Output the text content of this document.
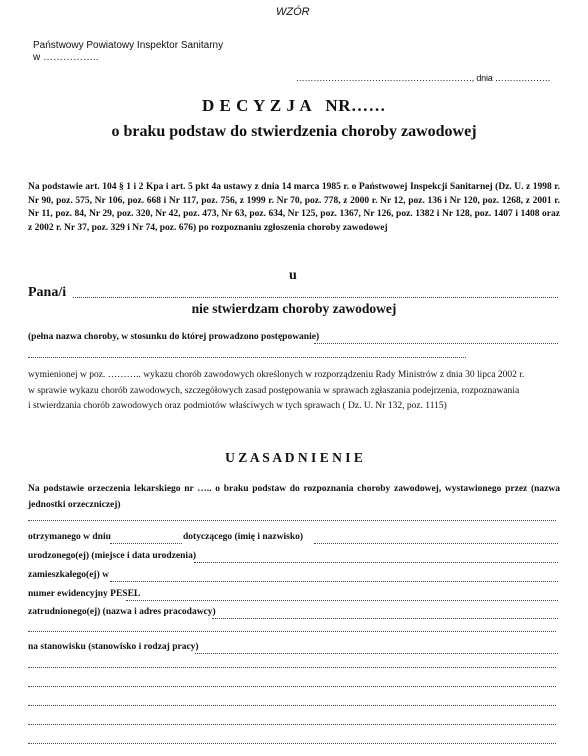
WZÓR
Państwowy Powiatowy Inspektor Sanitarny
w ……………..
……………………………………………………, dnia ……………….
D E C Y Z J A   NR……
o braku podstaw do stwierdzenia choroby zawodowej
Na podstawie art. 104 § 1 i 2 Kpa i art. 5 pkt 4a ustawy z dnia 14 marca 1985 r. o Państwowej Inspekcji Sanitarnej (Dz. U. z 1998 r.
Nr 90, poz. 575, Nr 106, poz. 668 i Nr 117, poz. 756, z 1999 r. Nr 70, poz. 778, z 2000 r. Nr 12, poz. 136 i Nr 120, poz. 1268, z 2001 r.
Nr 11, poz. 84, Nr 29, poz. 320, Nr 42, poz. 473, Nr 63, poz. 634, Nr 125, poz. 1367, Nr 126, poz. 1382 i Nr 128, poz. 1407 i 1408 oraz
z 2002 r. Nr 37, poz. 329 i Nr 74, poz. 676) po rozpoznaniu zgłoszenia choroby zawodowej
u
Pana/i
nie stwierdzam choroby zawodowej
(pełna nazwa choroby, w stosunku do której prowadzono postępowanie)
wymienionej w poz. ……….. wykazu chorób zawodowych określonych w rozporządzeniu Rady Ministrów z dnia 30 lipca 2002 r.
w sprawie wykazu chorób zawodowych, szczegółowych zasad postępowania w sprawach zgłaszania podejrzenia, rozpoznawania
i stwierdzania chorób zawodowych oraz podmiotów właściwych w tych sprawach ( Dz. U. Nr 132, poz. 1115)
U Z A S A D N I E N I E
Na podstawie orzeczenia lekarskiego nr ….. o braku podstaw do rozpoznania choroby zawodowej, wystawionego przez (nazwa
jednostki orzeczniczej)
otrzymanego w dniu	dotyczącego (imię i nazwisko)
urodzonego(ej) (miejsce i data urodzenia)
zamieszkałego(ej) w
numer ewidencyjny PESEL
zatrudnionego(ej) (nazwa i adres pracodawcy)
na stanowisku (stanowisko i rodzaj pracy)
